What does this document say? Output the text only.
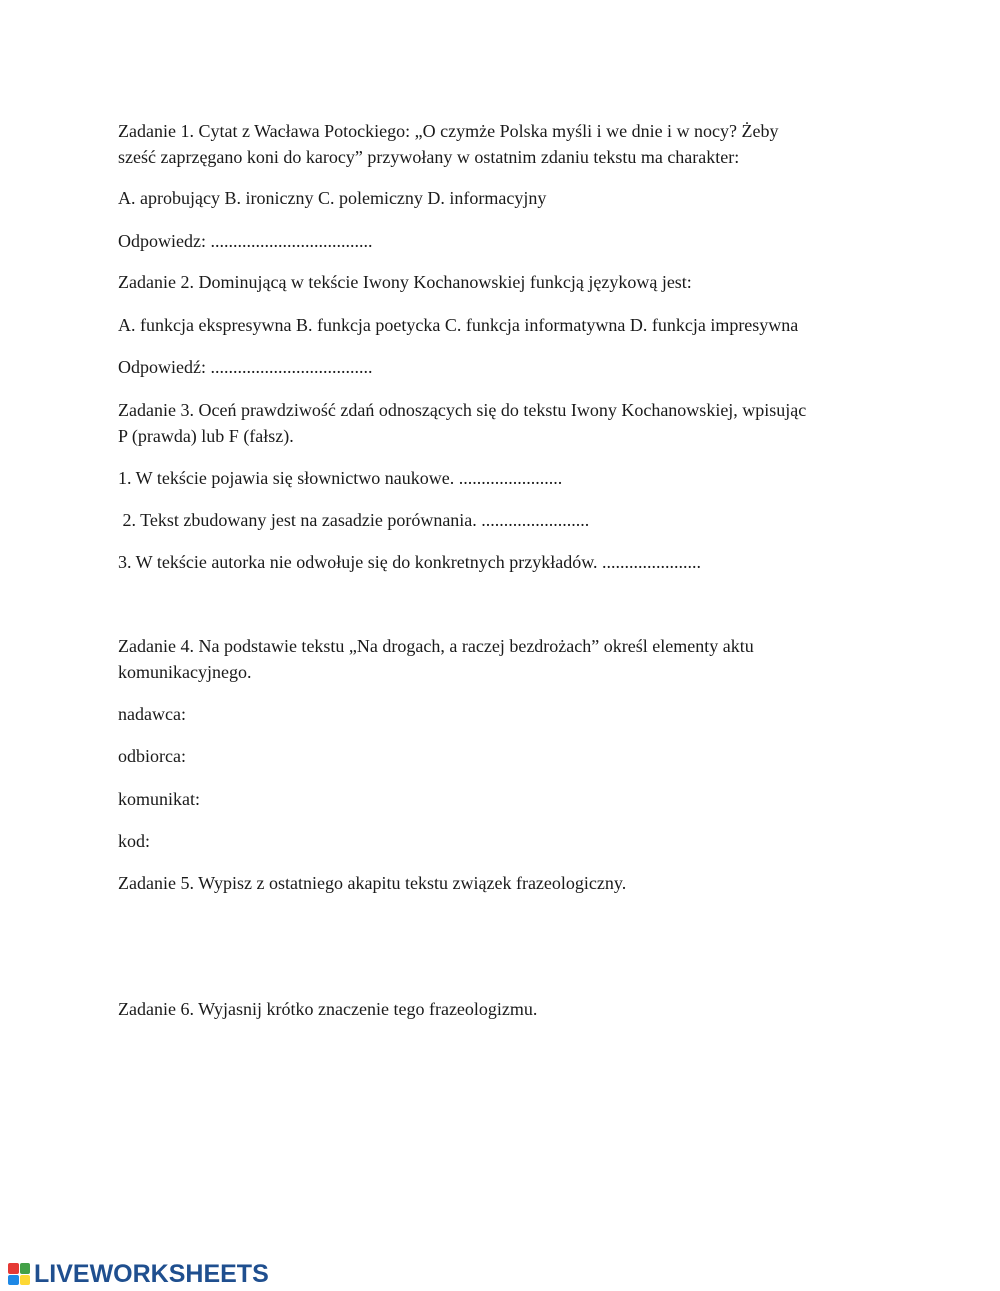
Zadanie 1. Cytat z Wacława Potockiego: „O czymże Polska myśli i we dnie i w nocy? Żeby

sześć zaprzęgano koni do karocy” przywołany w ostatnim zdaniu tekstu ma charakter:

A. aprobujący B. ironiczny C. polemiczny D. informacyjny

Odpowiedz: ....................................

Zadanie 2. Dominującą w tekście Iwony Kochanowskiej funkcją językową jest:

A. funkcja ekspresywna B. funkcja poetycka C. funkcja informatywna D. funkcja impresywna

Odpowiedź: ....................................

Zadanie 3. Oceń prawdziwość zdań odnoszących się do tekstu Iwony Kochanowskiej, wpisując

P (prawda) lub F (fałsz).

1. W tekście pojawia się słownictwo naukowe. .......................

2. Tekst zbudowany jest na zasadzie porównania. ........................

3. W tekście autorka nie odwołuje się do konkretnych przykładów. ......................

Zadanie 4. Na podstawie tekstu „Na drogach, a raczej bezdrożach” określ elementy aktu

komunikacyjnego.

nadawca:

odbiorca:

komunikat:

kod:

Zadanie 5. Wypisz z ostatniego akapitu tekstu związek frazeologiczny.

Zadanie 6. Wyjasnij krótko znaczenie tego frazeologizmu.

LIVEWORKSHEETS
